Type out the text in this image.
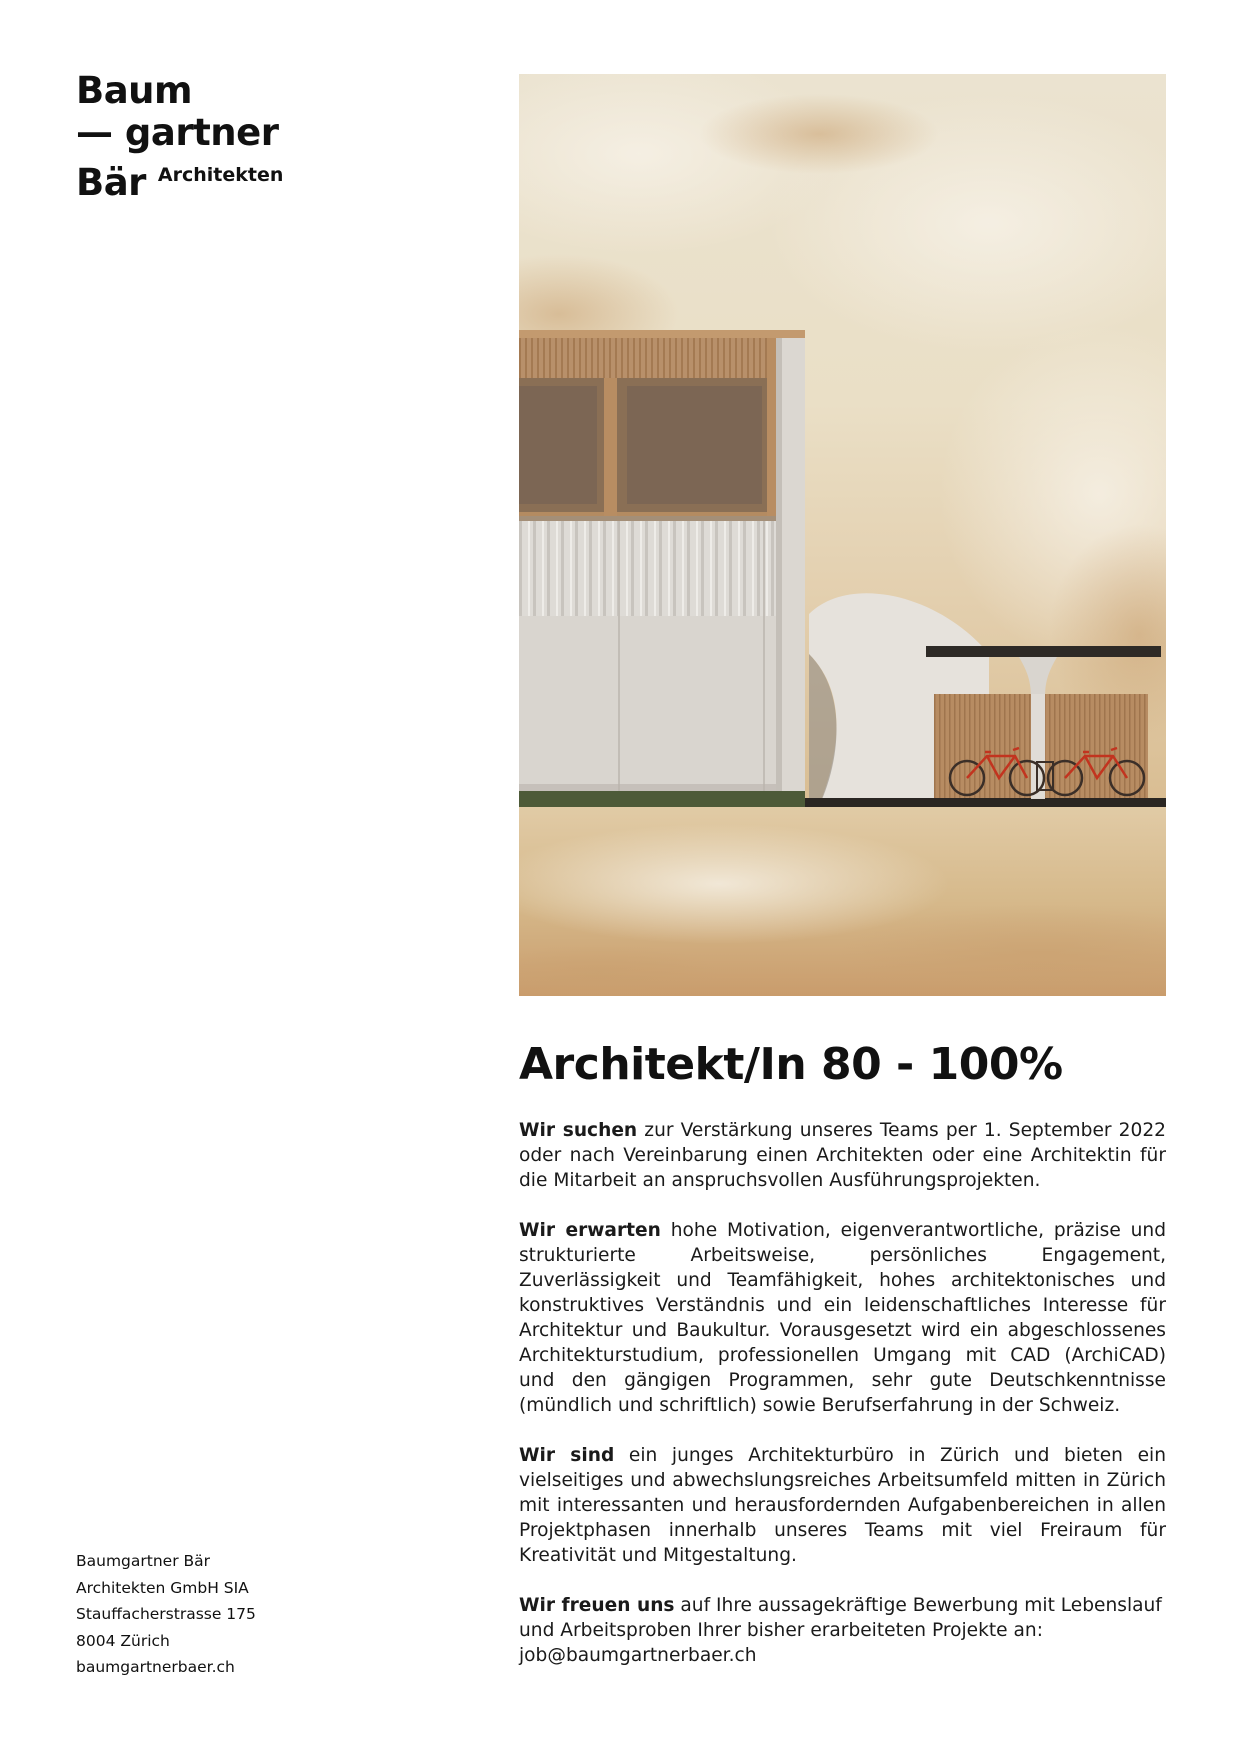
Baum
— gartner
Bär $^{Architekten}$
Architekt/In 80 - 100%

Wir suchen zur Verstärkung unseres Teams per 1. September 2022 oder nach Vereinbarung einen Architekten oder eine Architektin für die Mitarbeit an anspruchsvollen Ausführungsprojekten.

Wir erwarten hohe Motivation, eigenverantwortliche, präzise und strukturierte Arbeitsweise, persönliches Engagement, Zuverlässigkeit und Teamfähigkeit, hohes architektonisches und konstruktives Verständnis und ein leidenschaftliches Interesse für Architektur und Baukultur. Vorausgesetzt wird ein abgeschlossenes Architekturstudium, professionellen Umgang mit CAD (ArchiCAD) und den gängigen Programmen, sehr gute Deutschkenntnisse (mündlich und schriftlich) sowie Berufserfahrung in der Schweiz.

Wir sind ein junges Architekturbüro in Zürich und bieten ein vielseitiges und abwechslungsreiches Arbeitsumfeld mitten in Zürich mit interessanten und herausfordernden Aufgabenbereichen in allen Projektphasen innerhalb unseres Teams mit viel Freiraum für Kreativität und Mitgestaltung.

Wir freuen uns auf Ihre aussagekräftige Bewerbung mit Lebenslauf und Arbeitsproben Ihrer bisher erarbeiteten Projekte an:
job@baumgartnerbaer.ch

Baumgartner Bär
Architekten GmbH SIA
Stauffacherstrasse 175
8004 Zürich
baumgartnerbaer.ch
